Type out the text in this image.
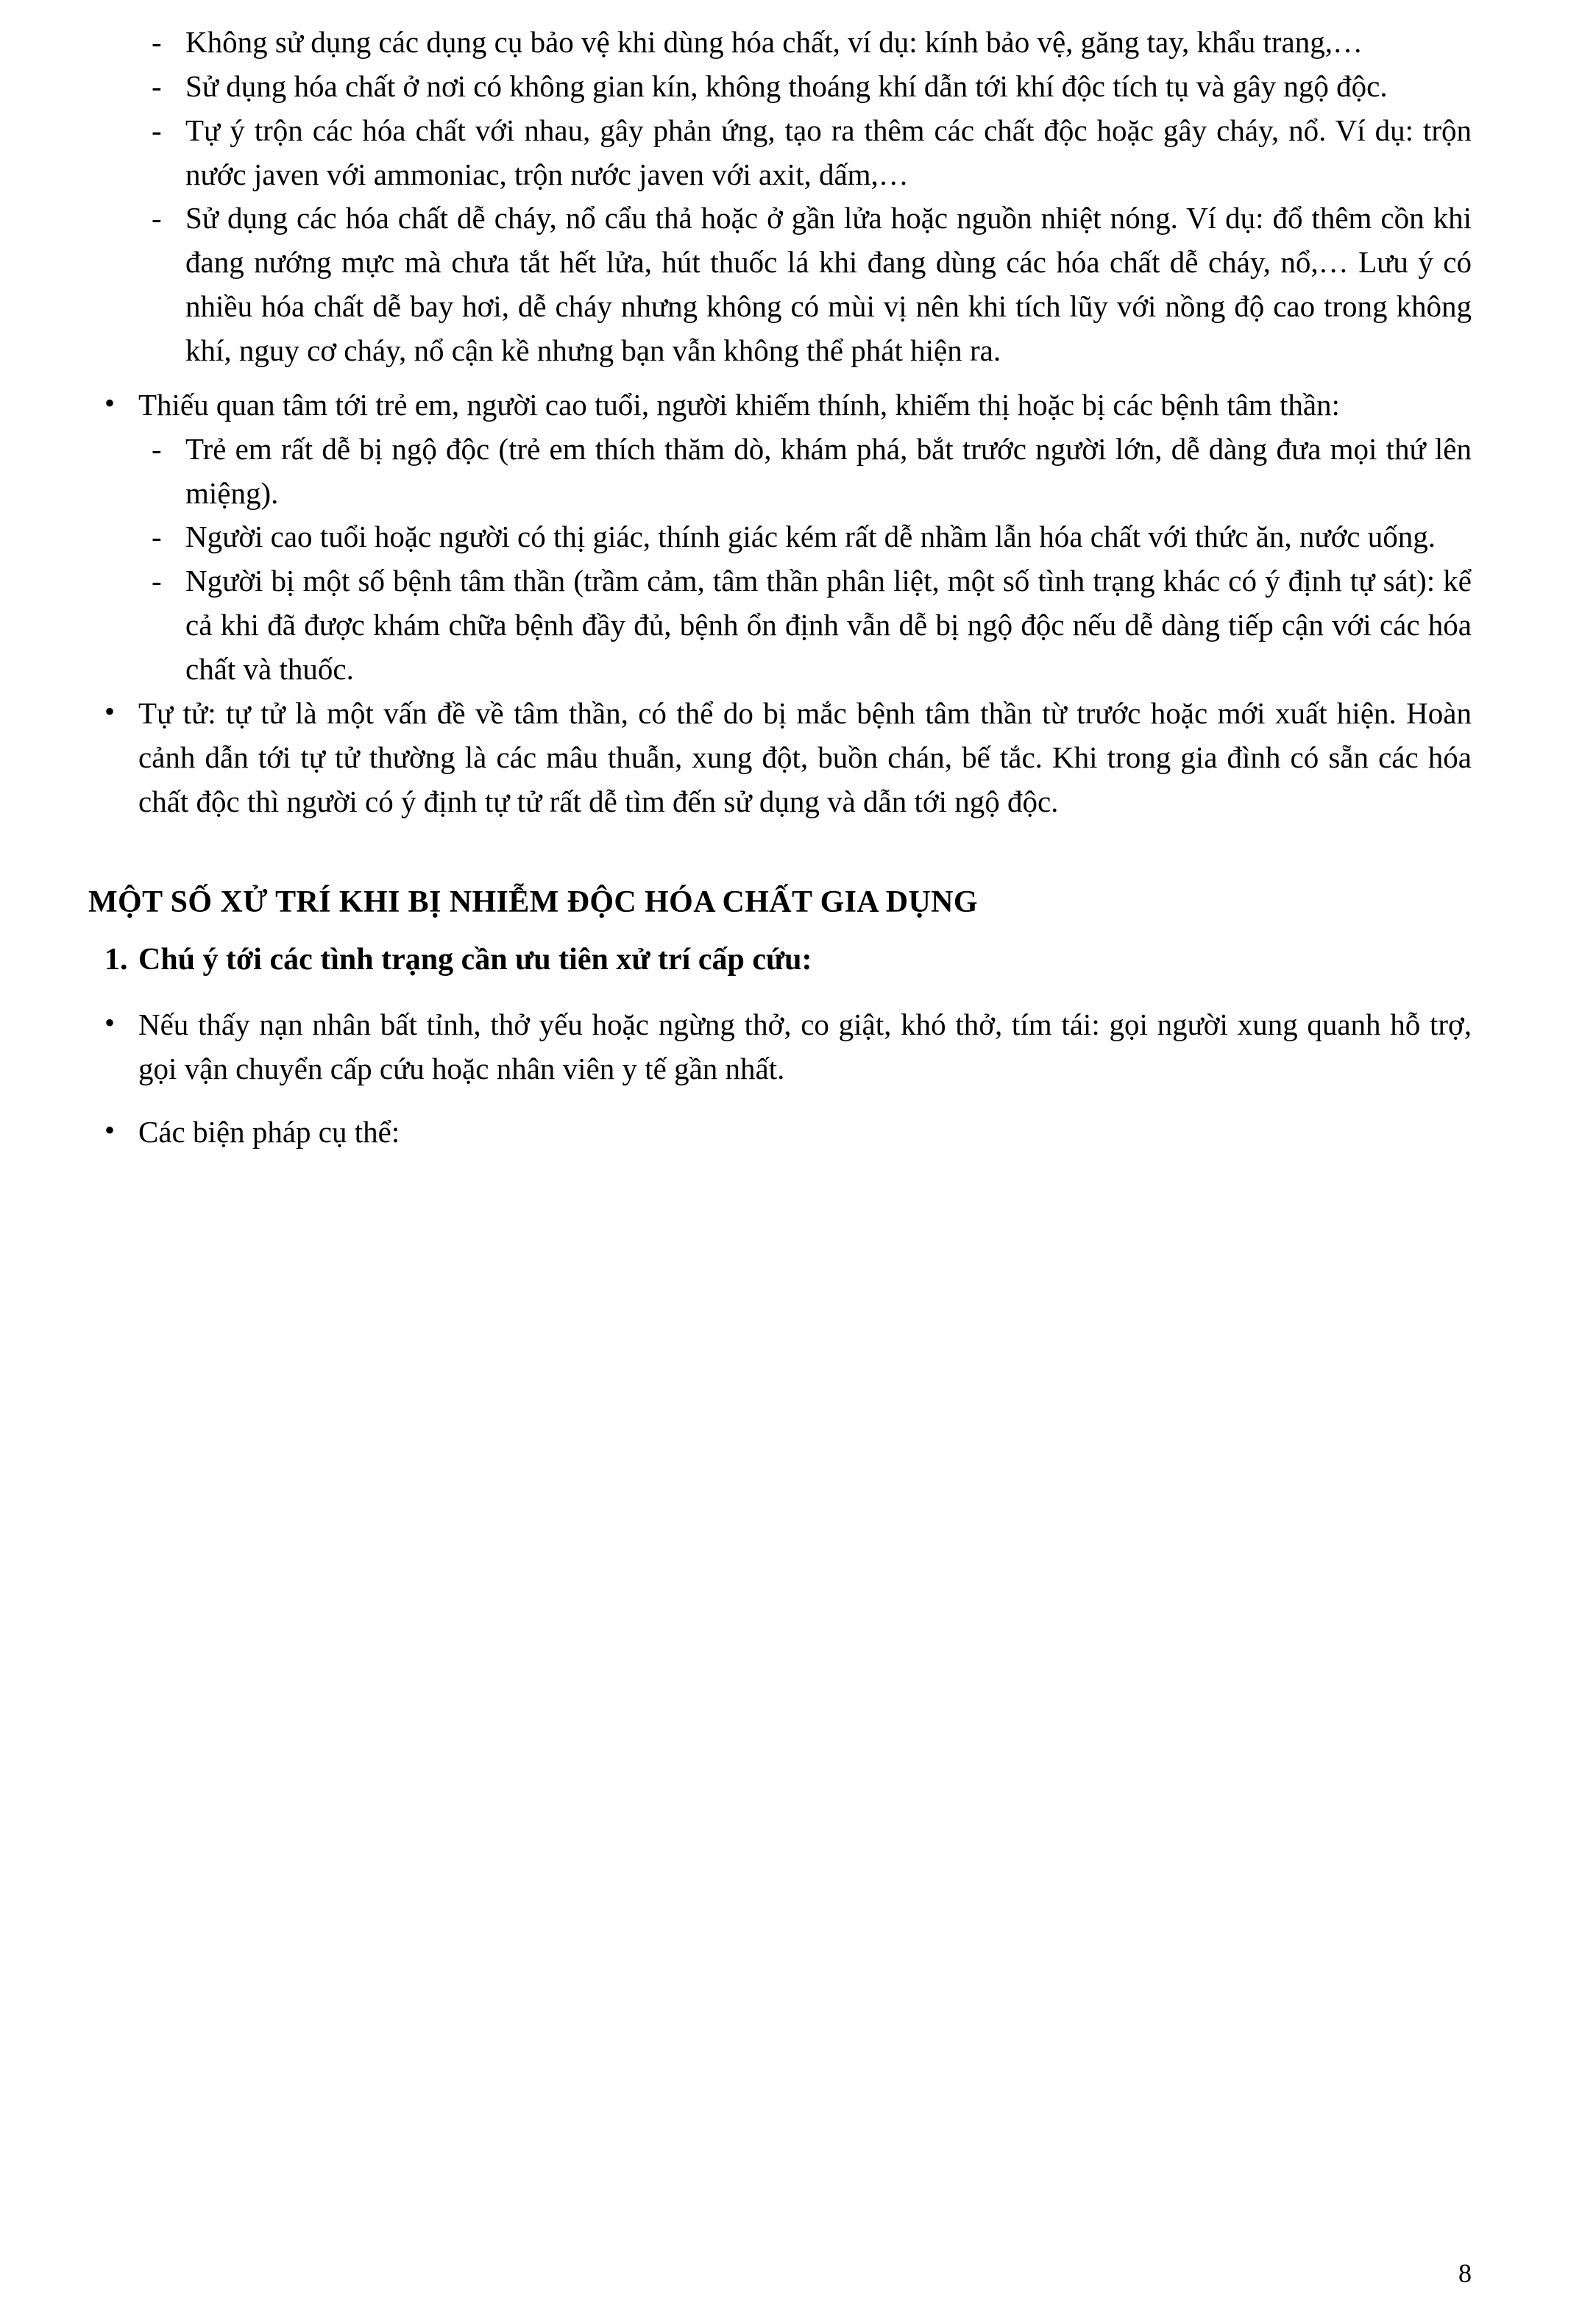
- Không sử dụng các dụng cụ bảo vệ khi dùng hóa chất, ví dụ: kính bảo vệ, găng tay, khẩu trang,…
- Sử dụng hóa chất ở nơi có không gian kín, không thoáng khí dẫn tới khí độc tích tụ và gây ngộ độc.
- Tự ý trộn các hóa chất với nhau, gây phản ứng, tạo ra thêm các chất độc hoặc gây cháy, nổ. Ví dụ: trộn nước javen với ammoniac, trộn nước javen với axit, dấm,…
- Sử dụng các hóa chất dễ cháy, nổ cẩu thả hoặc ở gần lửa hoặc nguồn nhiệt nóng. Ví dụ: đổ thêm cồn khi đang nướng mực mà chưa tắt hết lửa, hút thuốc lá khi đang dùng các hóa chất dễ cháy, nổ,… Lưu ý có nhiều hóa chất dễ bay hơi, dễ cháy nhưng không có mùi vị nên khi tích lũy với nồng độ cao trong không khí, nguy cơ cháy, nổ cận kề nhưng bạn vẫn không thể phát hiện ra.
• Thiếu quan tâm tới trẻ em, người cao tuổi, người khiếm thính, khiếm thị hoặc bị các bệnh tâm thần:
- Trẻ em rất dễ bị ngộ độc (trẻ em thích thăm dò, khám phá, bắt trước người lớn, dễ dàng đưa mọi thứ lên miệng).
- Người cao tuổi hoặc người có thị giác, thính giác kém rất dễ nhầm lẫn hóa chất với thức ăn, nước uống.
- Người bị một số bệnh tâm thần (trầm cảm, tâm thần phân liệt, một số tình trạng khác có ý định tự sát): kể cả khi đã được khám chữa bệnh đầy đủ, bệnh ổn định vẫn dễ bị ngộ độc nếu dễ dàng tiếp cận với các hóa chất và thuốc.
• Tự tử: tự tử là một vấn đề về tâm thần, có thể do bị mắc bệnh tâm thần từ trước hoặc mới xuất hiện. Hoàn cảnh dẫn tới tự tử thường là các mâu thuẫn, xung đột, buồn chán, bế tắc. Khi trong gia đình có sẵn các hóa chất độc thì người có ý định tự tử rất dễ tìm đến sử dụng và dẫn tới ngộ độc.
MỘT SỐ XỬ TRÍ KHI BỊ NHIỄM ĐỘC HÓA CHẤT GIA DỤNG
1. Chú ý tới các tình trạng cần ưu tiên xử trí cấp cứu:
• Nếu thấy nạn nhân bất tỉnh, thở yếu hoặc ngừng thở, co giật, khó thở, tím tái: gọi người xung quanh hỗ trợ, gọi vận chuyển cấp cứu hoặc nhân viên y tế gần nhất.
• Các biện pháp cụ thể:
8
